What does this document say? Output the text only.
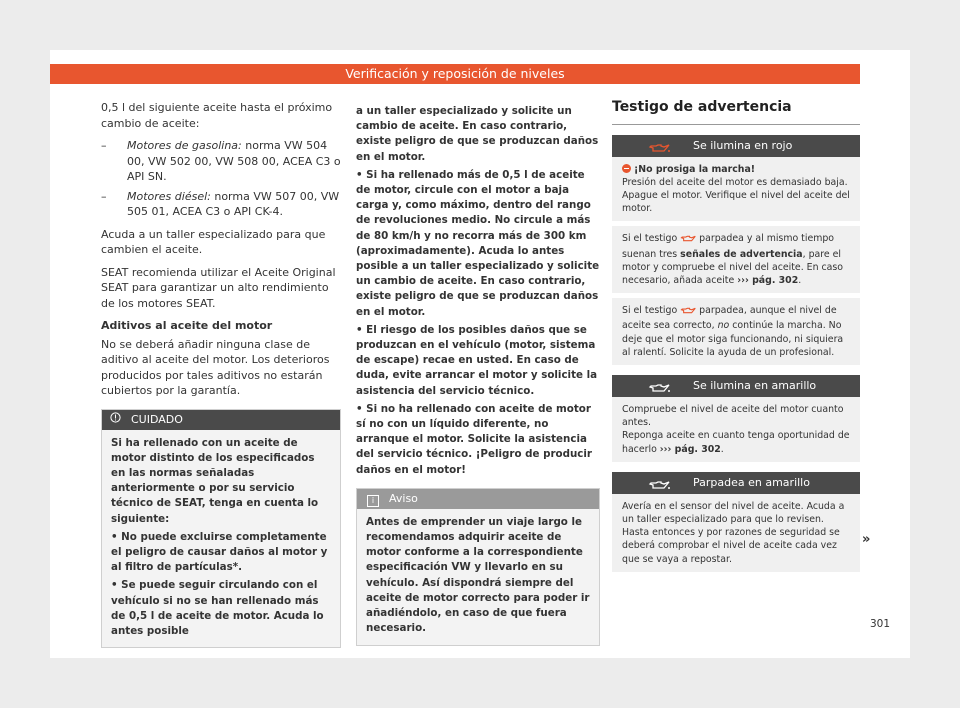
Verificación y reposición de niveles

0,5 l del siguiente aceite hasta el próximo cambio de aceite:

– Motores de gasolina: norma VW 504 00, VW 502 00, VW 508 00, ACEA C3 o API SN.
– Motores diésel: norma VW 507 00, VW 505 01, ACEA C3 o API CK-4.

Acuda a un taller especializado para que cambien el aceite.

SEAT recomienda utilizar el Aceite Original SEAT para garantizar un alto rendimiento de los motores SEAT.

Aditivos al aceite del motor

No se deberá añadir ninguna clase de aditivo al aceite del motor. Los deterioros producidos por tales aditivos no estarán cubiertos por la garantía.

CUIDADO

Si ha rellenado con un aceite de motor distinto de los especificados en las normas señaladas anteriormente o por su servicio técnico de SEAT, tenga en cuenta lo siguiente:

• No puede excluirse completamente el peligro de causar daños al motor y al filtro de partículas*.

• Se puede seguir circulando con el vehículo si no se han rellenado más de 0,5 l de aceite de motor. Acuda lo antes posible

a un taller especializado y solicite un cambio de aceite. En caso contrario, existe peligro de que se produzcan daños en el motor.

• Si ha rellenado más de 0,5 l de aceite de motor, circule con el motor a baja carga y, como máximo, dentro del rango de revoluciones medio. No circule a más de 80 km/h y no recorra más de 300 km (aproximadamente). Acuda lo antes posible a un taller especializado y solicite un cambio de aceite. En caso contrario, existe peligro de que se produzcan daños en el motor.

• El riesgo de los posibles daños que se produzcan en el vehículo (motor, sistema de escape) recae en usted. En caso de duda, evite arrancar el motor y solicite la asistencia del servicio técnico.

• Si no ha rellenado con aceite de motor sí no con un líquido diferente, no arranque el motor. Solicite la asistencia del servicio técnico. ¡Peligro de producir daños en el motor!

i Aviso

Antes de emprender un viaje largo le recomendamos adquirir aceite de motor conforme a la correspondiente especificación VW y llevarlo en su vehículo. Así dispondrá siempre del aceite de motor correcto para poder ir añadiéndolo, en caso de que fuera necesario.

Testigo de advertencia
Se ilumina en rojo
¡No prosiga la marcha!
Presión del aceite del motor es demasiado baja. Apague el motor. Verifique el nivel del aceite del motor.
Si el testigo  parpadea y al mismo tiempo suenan tres señales de advertencia, pare el motor y compruebe el nivel del aceite. En caso necesario, añada aceite ››› pág. 302.
Si el testigo  parpadea, aunque el nivel de aceite sea correcto, no continúe la marcha. No deje que el motor siga funcionando, ni siquiera al ralentí. Solicite la ayuda de un profesional.
Se ilumina en amarillo
Compruebe el nivel de aceite del motor cuanto antes.
Reponga aceite en cuanto tenga oportunidad de hacerlo ››› pág. 302.
Parpadea en amarillo
Avería en el sensor del nivel de aceite. Acuda a un taller especializado para que lo revisen. Hasta entonces y por razones de seguridad se deberá comprobar el nivel de aceite cada vez que se vaya a repostar.
»
301
